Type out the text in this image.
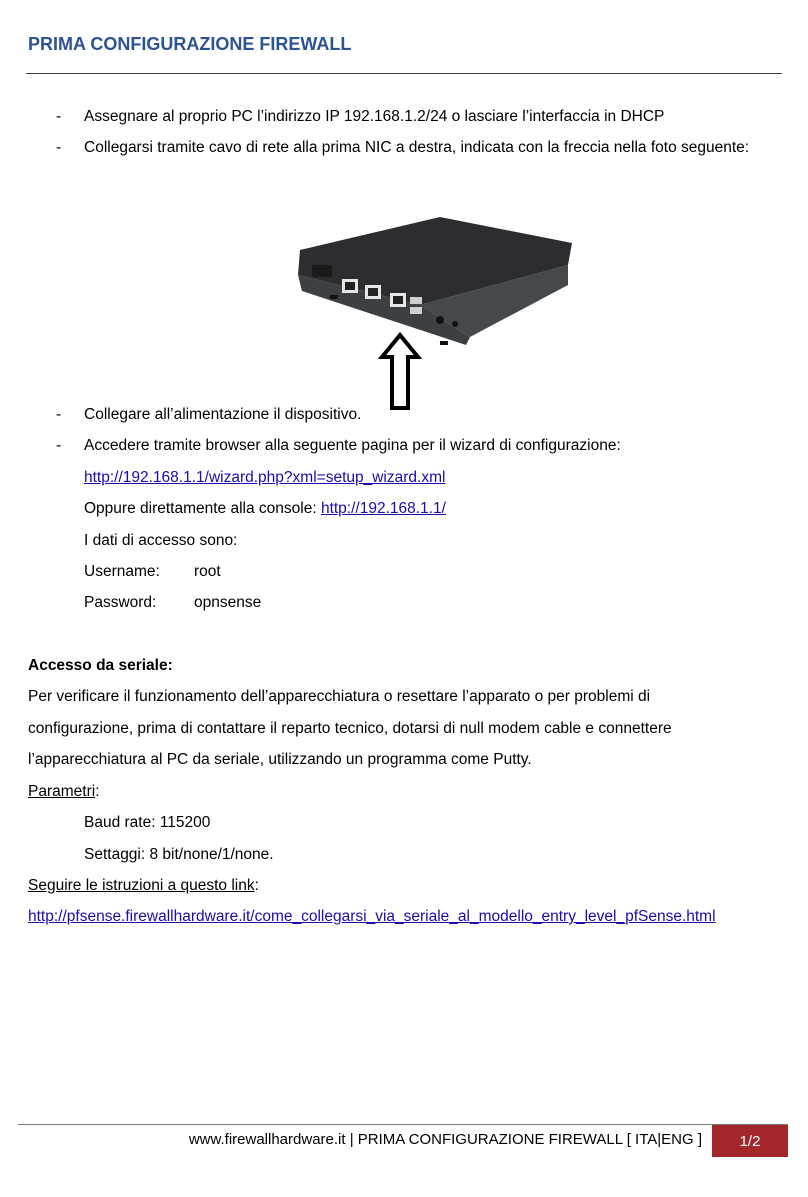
PRIMA CONFIGURAZIONE FIREWALL
- Assegnare al proprio PC l’indirizzo IP 192.168.1.2/24 o lasciare l’interfaccia in DHCP
- Collegarsi tramite cavo di rete alla prima NIC a destra, indicata con la freccia nella foto seguente:
- Collegare all’alimentazione il dispositivo.
- Accedere tramite browser alla seguente pagina per il wizard di configurazione:
http://192.168.1.1/wizard.php?xml=setup_wizard.xml
Oppure direttamente alla console: http://192.168.1.1/
I dati di accesso sono:
Username: root
Password: opnsense
Accesso da seriale:
Per verificare il funzionamento dell’apparecchiatura o resettare l’apparato o per problemi di
configurazione, prima di contattare il reparto tecnico, dotarsi di null modem cable e connettere
l’apparecchiatura al PC da seriale, utilizzando un programma come Putty.
Parametri:
Baud rate: 115200
Settaggi: 8 bit/none/1/none.
Seguire le istruzioni a questo link:
http://pfsense.firewallhardware.it/come_collegarsi_via_seriale_al_modello_entry_level_pfSense.html
www.firewallhardware.it | PRIMA CONFIGURAZIONE FIREWALL [ ITA|ENG ]	1/2
